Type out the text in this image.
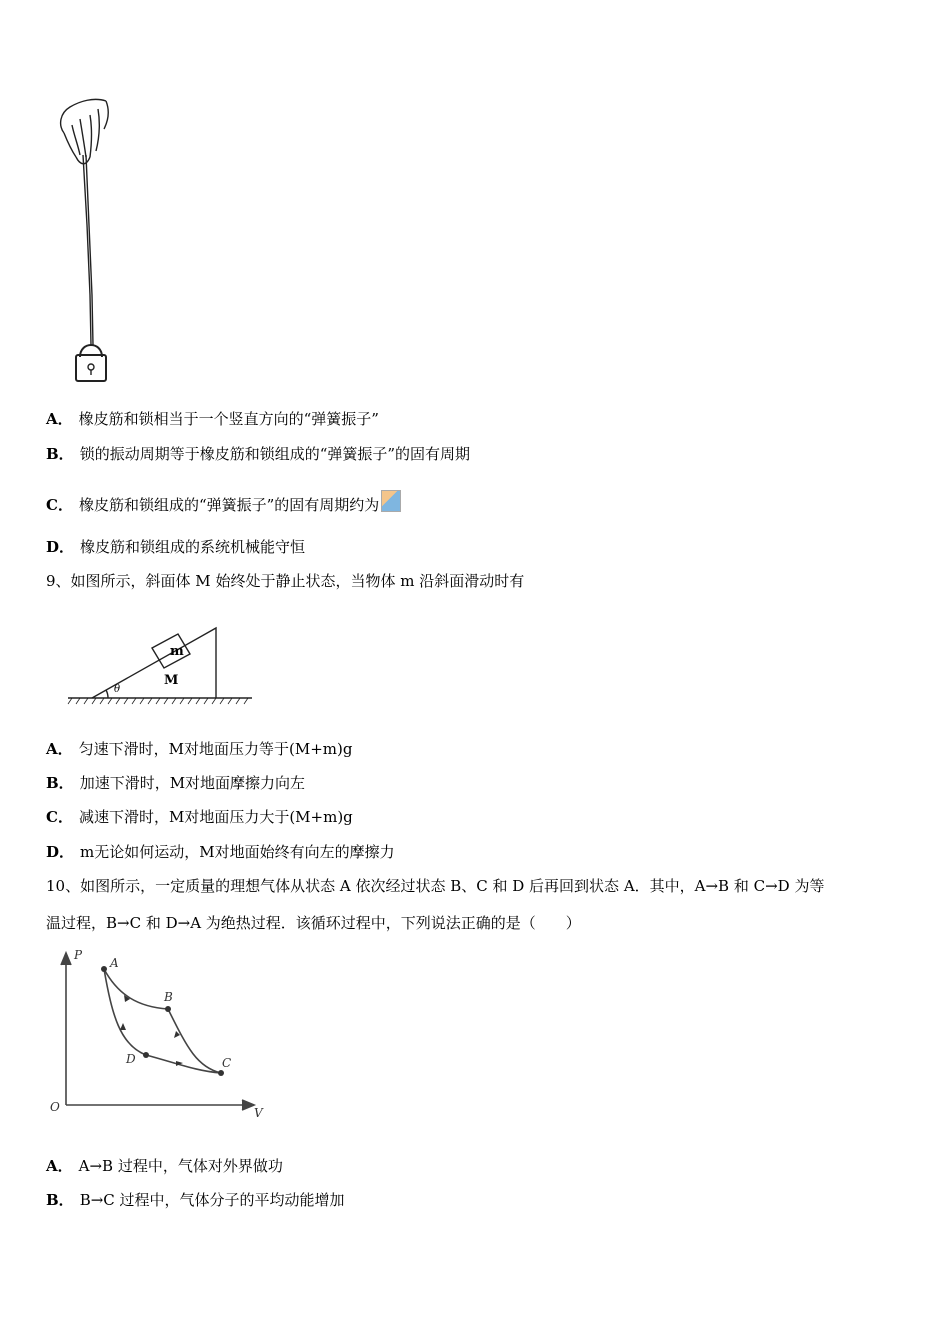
A． 橡皮筋和锁相当于一个竖直方向的“弹簧振子”
B． 锁的振动周期等于橡皮筋和锁组成的“弹簧振子”的固有周期
C． 橡皮筋和锁组成的“弹簧振子”的固有周期约为
D． 橡皮筋和锁组成的系统机械能守恒
9、如图所示，斜面体 M 始终处于静止状态，当物体 m 沿斜面滑动时有
m
M
θ
A． 匀速下滑时，M对地面压力等于(M+m)g
B． 加速下滑时，M对地面摩擦力向左
C． 减速下滑时，M对地面压力大于(M+m)g
D． m无论如何运动，M对地面始终有向左的摩擦力
10、如图所示，一定质量的理想气体从状态 A 依次经过状态 B、C 和 D 后再回到状态 A．其中，A→B 和 C→D 为等
温过程，B→C 和 D→A 为绝热过程．该循环过程中，下列说法正确的是（　　）
P
V
O
A
B
C
D
A． A→B 过程中，气体对外界做功
B． B→C 过程中，气体分子的平均动能增加
